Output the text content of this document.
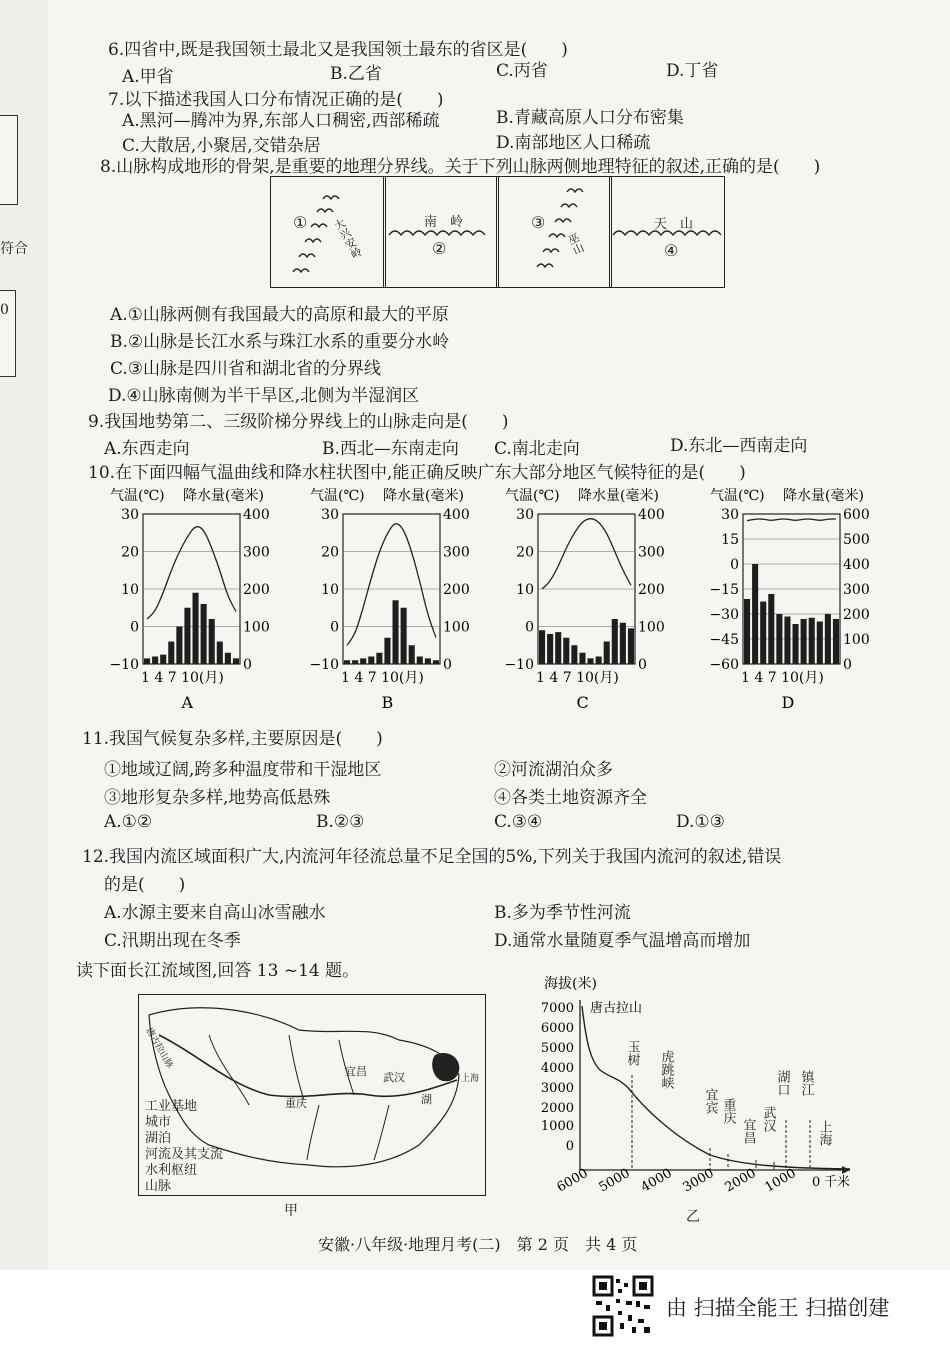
符合
0
6.四省中,既是我国领土最北又是我国领土最东的省区是(　　)
A.甲省	B.乙省	C.丙省	D.丁省
7.以下描述我国人口分布情况正确的是(　　)
A.黑河—腾冲为界,东部人口稠密,西部稀疏	B.青藏高原人口分布密集
C.大散居,小聚居,交错杂居	D.南部地区人口稀疏
8.山脉构成地形的骨架,是重要的地理分界线。关于下列山脉两侧地理特征的叙述,正确的是(　　)
① 大兴安岭	南　岭
②
③
巫山
天　山
④
A.①山脉两侧有我国最大的高原和最大的平原
B.②山脉是长江水系与珠江水系的重要分水岭
C.③山脉是四川省和湖北省的分界线
D.④山脉南侧为半干旱区,北侧为半湿润区
9.我国地势第二、三级阶梯分界线上的山脉走向是(　　)
A.东西走向	B.西北—东南走向 C.南北走向	D.东北—西南走向
10.在下面四幅气温曲线和降水柱状图中,能正确反映广东大部分地区气候特征的是(　　)
气温(℃) 降水量(毫米)
30
20
10
0
−10
400
300
200
100
0
1 4 7 10(月)
A
气温(℃) 降水量(毫米)
30
20
10
0
−10
400
300
200
100
0
1 4 7 10(月)
B
气温(℃) 降水量(毫米)
30
20
10
0
−10
400
300
200
100
0
1 4 7 10(月)
C
气温(℃) 降水量(毫米)
30
15
0
−15
−30
−45
−60
600
500
400
300
200
100
0
1 4 7 10(月)
D
11.我国气候复杂多样,主要原因是(　　)
①地域辽阔,跨多种温度带和干湿地区	②河流湖泊众多
③地形复杂多样,地势高低悬殊	④各类土地资源齐全
A.①②	B.②③	C.③④	D.①③
12.我国内流区域面积广大,内流河年径流总量不足全国的5%,下列关于我国内流河的叙述,错误
的是(　　)
A.水源主要来自高山冰雪融水	B.多为季节性河流
C.汛期出现在冬季	D.通常水量随夏季气温增高而增加
读下面长江流域图,回答 13 ~14 题。
宜昌 武汉
南京
上海
重庆	湖
唐古拉山脉
工业基地
城市
湖泊
河流及其支流
水利枢纽
山脉
甲
海拔(米)
7000
6000
5000
4000
3000
2000
1000
0
6000 5000 4000 3000 2000 1000 0 千米
唐古拉山
玉树 虎跳峡
宜宾 重庆
宜昌 武汉
湖口 镇江
上海
乙
安徽·八年级·地理月考(二)　第 2 页　共 4 页
由 扫描全能王 扫描创建
